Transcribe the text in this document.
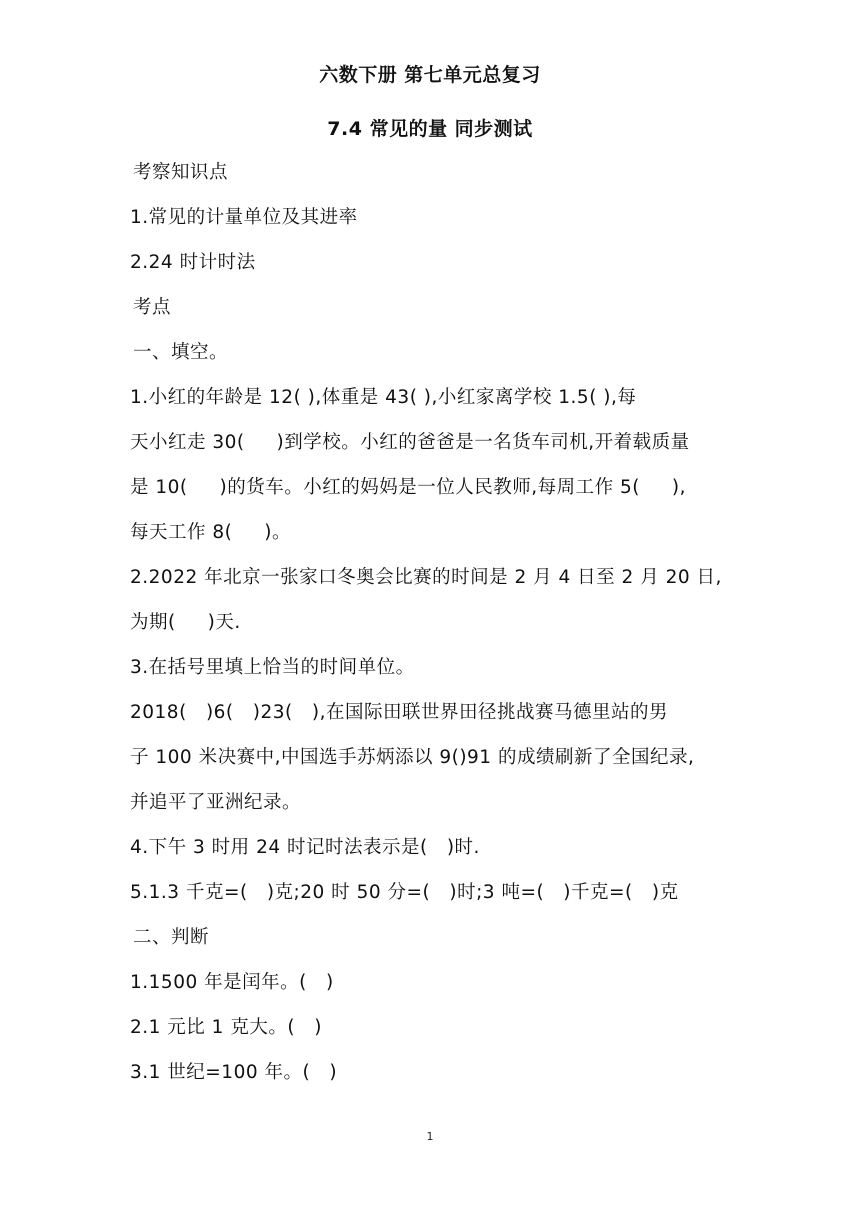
六数下册 第七单元总复习
7.4 常见的量 同步测试
考察知识点
1.常见的计量单位及其进率
2.24 时计时法
考点
一、填空。
1.小红的年龄是 12( ),体重是 43( ),小红家离学校 1.5( ),每
天小红走 30(     )到学校。小红的爸爸是一名货车司机,开着载质量
是 10(     )的货车。小红的妈妈是一位人民教师,每周工作 5(     ),
每天工作 8(     )。
2.2022 年北京一张家口冬奥会比赛的时间是 2 月 4 日至 2 月 20 日,
为期(     )天.
3.在括号里填上恰当的时间单位。
2018(   )6(   )23(   ),在国际田联世界田径挑战赛马德里站的男
子 100 米决赛中,中国选手苏炳添以 9()91 的成绩刷新了全国纪录,
并追平了亚洲纪录。
4.下午 3 时用 24 时记时法表示是(   )时.
5.1.3 千克=(   )克;20 时 50 分=(   )时;3 吨=(   )千克=(   )克
二、判断
1.1500 年是闰年。(   )
2.1 元比 1 克大。(   )
3.1 世纪=100 年。(   )
1
